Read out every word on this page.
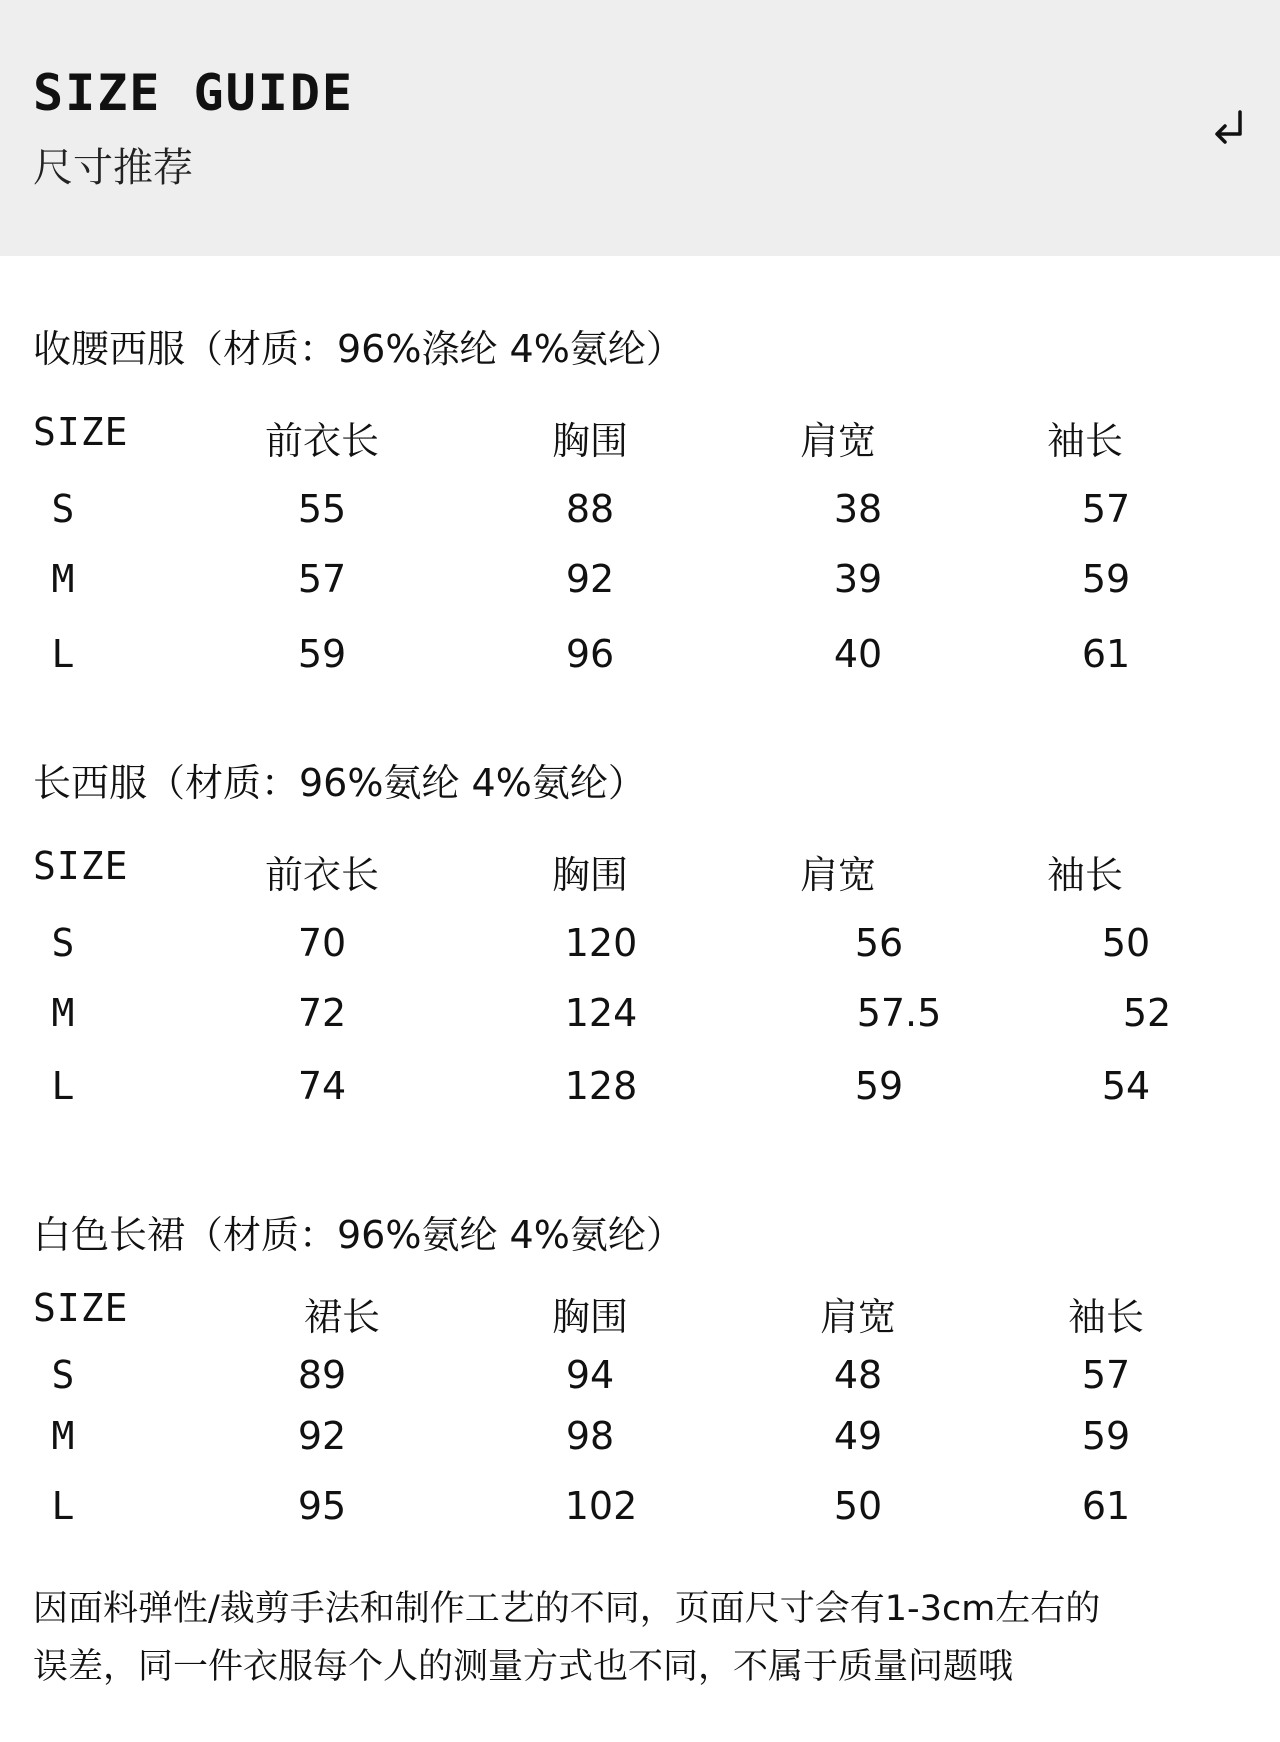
SIZE GUIDE
尺寸推荐
收腰西服（材质：96%涤纶 4%氨纶）
SIZE	前衣长	胸围	肩宽	袖长
S	55	88	38	57
M	57	92	39	59
L	59	96	40	61
长西服（材质：96%氨纶 4%氨纶）
SIZE	前衣长	胸围	肩宽	袖长
S	70	120	56	50
M	72	124	57.5	52
L	74	128	59	54
白色长裙（材质：96%氨纶 4%氨纶）
SIZE	裙长	胸围	肩宽	袖长
S	89	94	48	57
M	92	98	49	59
L	95	102	50	61
因面料弹性/裁剪手法和制作工艺的不同，页面尺寸会有1-3cm左右的
误差，同一件衣服每个人的测量方式也不同，不属于质量问题哦
